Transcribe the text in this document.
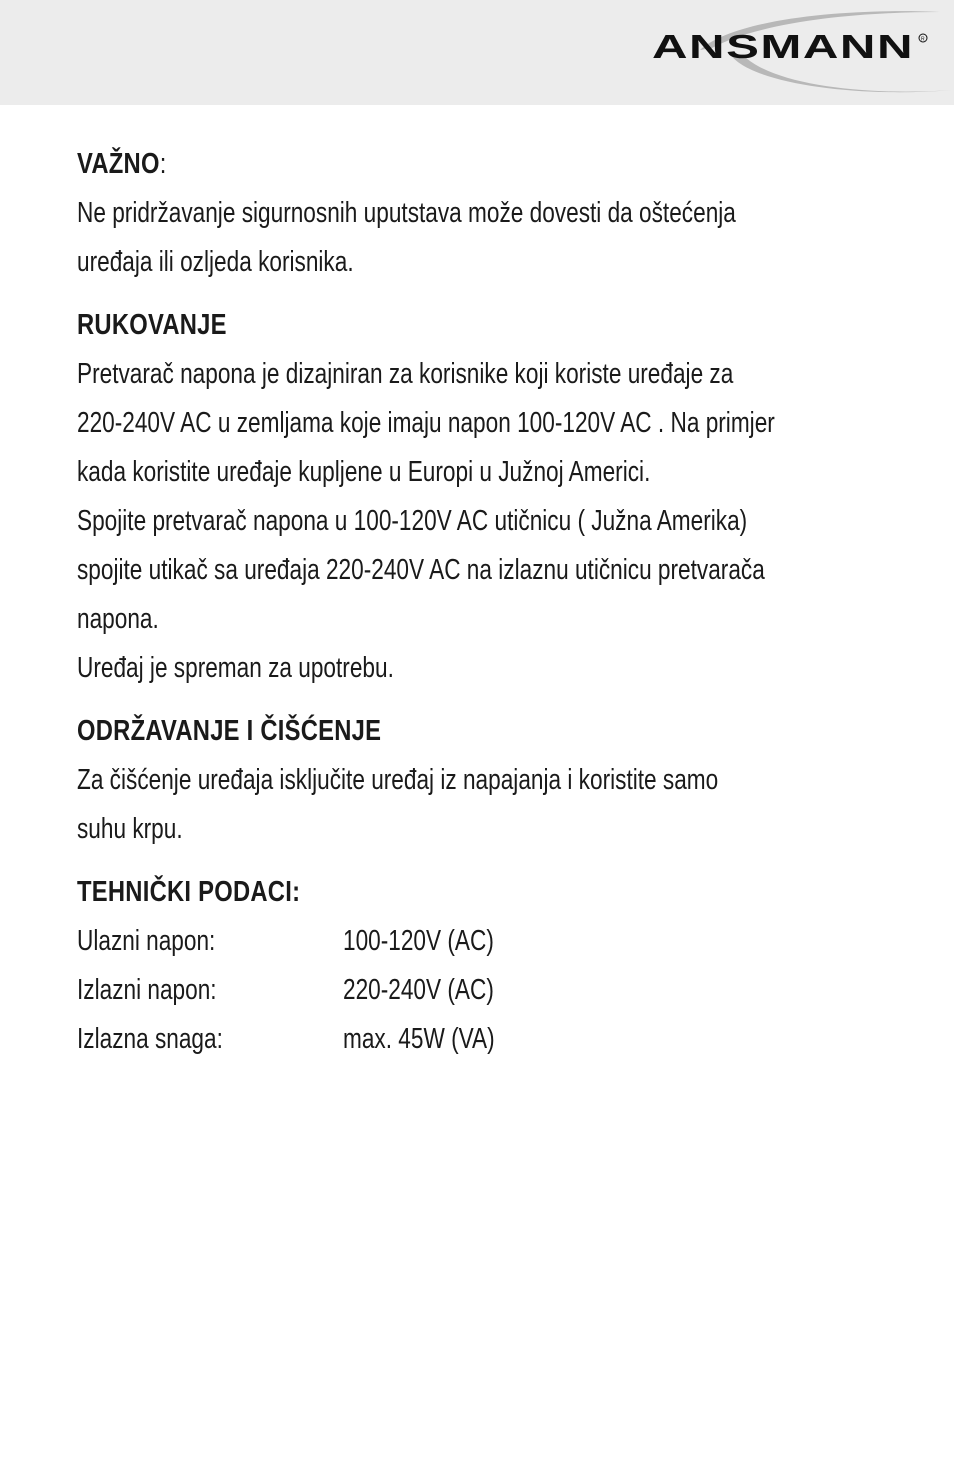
ANSMANN R
VAŽNO:
Ne pridržavanje sigurnosnih uputstava može dovesti da oštećenja
uređaja ili ozljeda korisnika.
RUKOVANJE
Pretvarač napona je dizajniran za korisnike koji koriste uređaje za
220-240V AC u zemljama koje imaju napon 100-120V AC . Na primjer
kada koristite uređaje kupljene u Europi u Južnoj Americi.
Spojite pretvarač napona u 100-120V AC utičnicu ( Južna Amerika)
spojite utikač sa uređaja 220-240V AC na izlaznu utičnicu pretvarača
napona.
Uređaj je spreman za upotrebu.
ODRŽAVANJE I ČIŠĆENJE
Za čišćenje uređaja isključite uređaj iz napajanja i koristite samo
suhu krpu.
TEHNIČKI PODACI:
Ulazni napon:	100-120V (AC)
Izlazni napon:	220-240V (AC)
Izlazna snaga:	max. 45W (VA)
